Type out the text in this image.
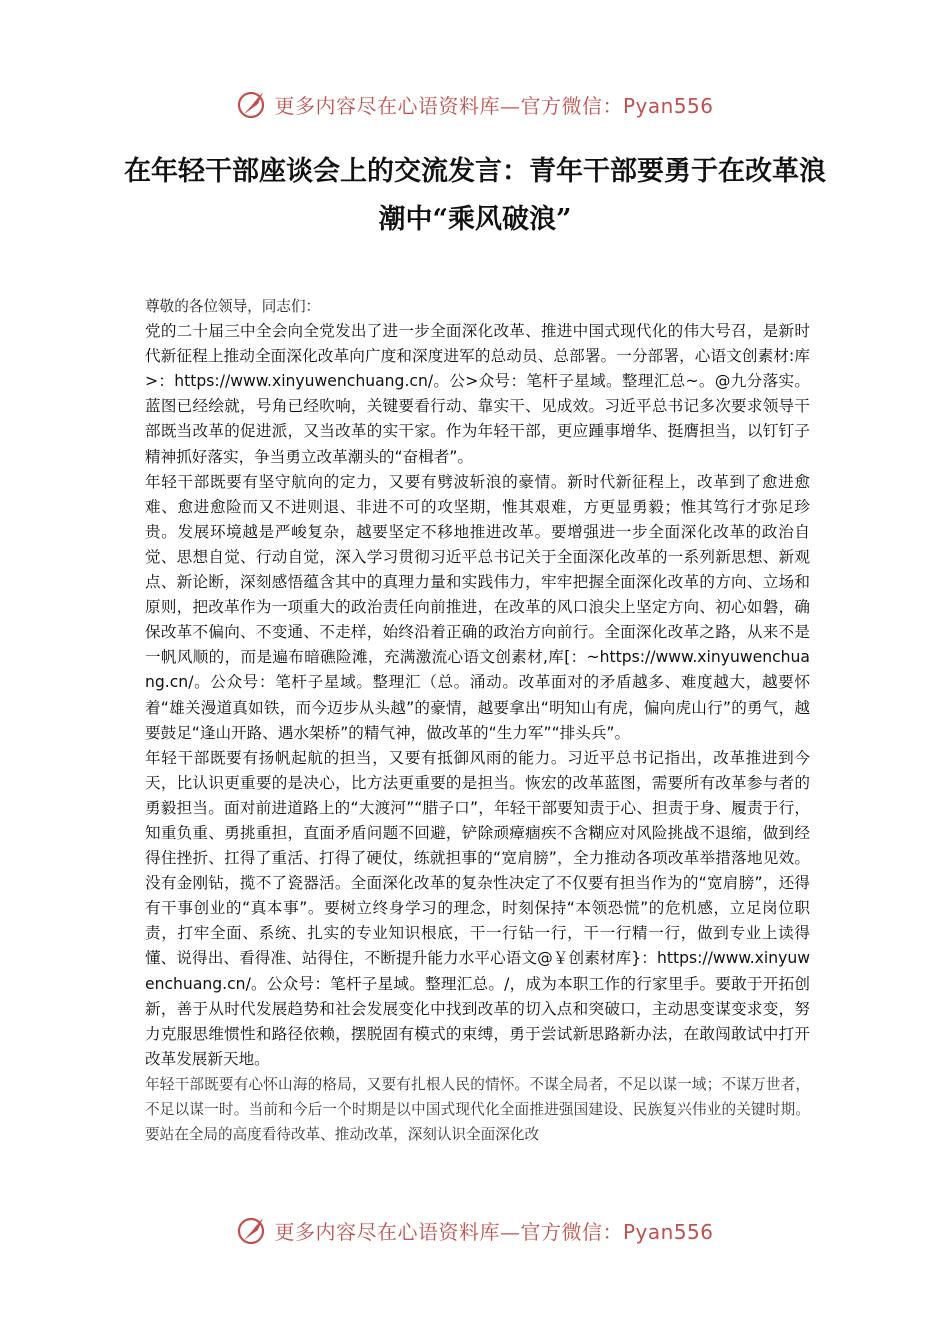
更多内容尽在心语资料库—官方微信：Pyan556
在年轻干部座谈会上的交流发言：青年干部要勇于在改革浪潮中“乘风破浪”

尊敬的各位领导，同志们：

党的二十届三中全会向全党发出了进一步全面深化改革、推进中国式现代化的伟大号召，是新时代新征程上推动全面深化改革向广度和深度进军的总动员、总部署。一分部署，心语文创素材:库>：https://www.xinyuwenchuang.cn/。公>众号：笔杆子星域。整理汇总~。@九分落实。蓝图已经绘就，号角已经吹响，关键要看行动、靠实干、见成效。习近平总书记多次要求领导干部既当改革的促进派，又当改革的实干家。作为年轻干部，更应踵事增华、挺膺担当，以钉钉子精神抓好落实，争当勇立改革潮头的“奋楫者”。

年轻干部既要有坚守航向的定力，又要有劈波斩浪的豪情。新时代新征程上，改革到了愈进愈难、愈进愈险而又不进则退、非进不可的攻坚期，惟其艰难，方更显勇毅；惟其笃行才弥足珍贵。发展环境越是严峻复杂，越要坚定不移地推进改革。要增强进一步全面深化改革的政治自觉、思想自觉、行动自觉，深入学习贯彻习近平总书记关于全面深化改革的一系列新思想、新观点、新论断，深刻感悟蕴含其中的真理力量和实践伟力，牢牢把握全面深化改革的方向、立场和原则，把改革作为一项重大的政治责任向前推进，在改革的风口浪尖上坚定方向、初心如磐，确保改革不偏向、不变通、不走样，始终沿着正确的政治方向前行。全面深化改革之路，从来不是一帆风顺的，而是遍布暗礁险滩，充满激流心语文创素材,库[：~https://www.xinyuwenchuang.cn/。公众号：笔杆子星域。整理汇（总。涌动。改革面对的矛盾越多、难度越大，越要怀着“雄关漫道真如铁，而今迈步从头越”的豪情，越要拿出“明知山有虎，偏向虎山行”的勇气，越要鼓足“逢山开路、遇水架桥”的精气神，做改革的“生力军”“排头兵”。

年轻干部既要有扬帆起航的担当，又要有抵御风雨的能力。习近平总书记指出，改革推进到今天，比认识更重要的是决心，比方法更重要的是担当。恢宏的改革蓝图，需要所有改革参与者的勇毅担当。面对前进道路上的“大渡河”“腊子口”，年轻干部要知责于心、担责于身、履责于行，知重负重、勇挑重担，直面矛盾问题不回避，铲除顽瘴痼疾不含糊应对风险挑战不退缩，做到经得住挫折、扛得了重活、打得了硬仗，练就担事的“宽肩膀”，全力推动各项改革举措落地见效。没有金刚钻，揽不了瓷器活。全面深化改革的复杂性决定了不仅要有担当作为的“宽肩膀”，还得有干事创业的“真本事”。要树立终身学习的理念，时刻保持“本领恐慌”的危机感，立足岗位职责，打牢全面、系统、扎实的专业知识根底，干一行钻一行，干一行精一行，做到专业上读得懂、说得出、看得准、站得住，不断提升能力水平心语文@￥创素材库}：https://www.xinyuwenchuang.cn/。公众号：笔杆子星域。整理汇总。/，成为本职工作的行家里手。要敢于开拓创新，善于从时代发展趋势和社会发展变化中找到改革的切入点和突破口，主动思变谋变求变，努力克服思维惯性和路径依赖，摆脱固有模式的束缚，勇于尝试新思路新办法，在敢闯敢试中打开改革发展新天地。

年轻干部既要有心怀山海的格局，又要有扎根人民的情怀。不谋全局者，不足以谋一域；不谋万世者，不足以谋一时。当前和今后一个时期是以中国式现代化全面推进强国建设、民族复兴伟业的关键时期。要站在全局的高度看待改革、推动改革，深刻认识全面深化改

更多内容尽在心语资料库—官方微信：Pyan556
